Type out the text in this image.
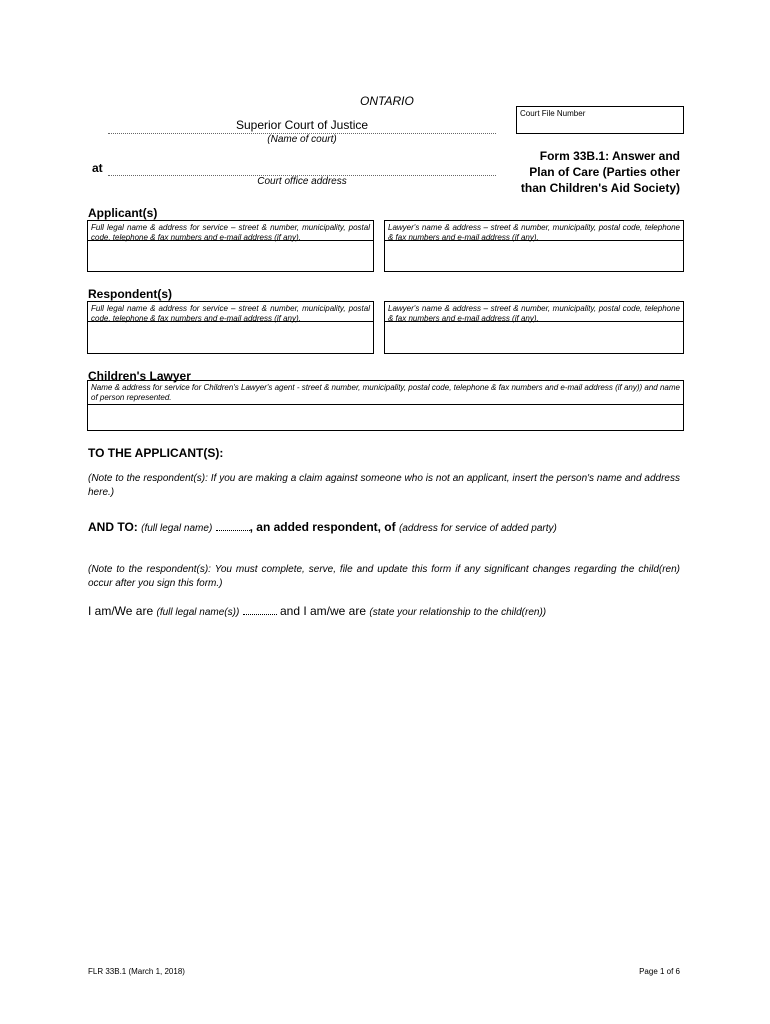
ONTARIO
Superior Court of Justice
(Name of court)
at
Court office address
Court File Number
Form 33B.1: Answer and
Plan of Care (Parties other
than Children's Aid Society)
Applicant(s)
Full legal name & address for service – street & number, municipality, postal code, telephone & fax numbers and e-mail address (if any).
Lawyer's name & address – street & number, municipality, postal code, telephone & fax numbers and e-mail address (if any).
Respondent(s)
Full legal name & address for service – street & number, municipality, postal code, telephone & fax numbers and e-mail address (if any).
Lawyer's name & address – street & number, municipality, postal code, telephone & fax numbers and e-mail address (if any).
Children's Lawyer
Name & address for service for Children's Lawyer's agent - street & number, municipality, postal code, telephone & fax numbers and e-mail address (if any)) and name of person represented.
TO THE APPLICANT(S):
(Note to the respondent(s): If you are making a claim against someone who is not an applicant, insert the person's name and address here.)
AND TO: (full legal name)	, an added respondent, of (address for service of added party)
(Note to the respondent(s): You must complete, serve, file and update this form if any significant changes regarding the child(ren) occur after you sign this form.)
I am/We are (full legal name(s))	and I am/we are (state your relationship to the child(ren))
FLR 33B.1 (March 1, 2018)	Page 1 of 6
